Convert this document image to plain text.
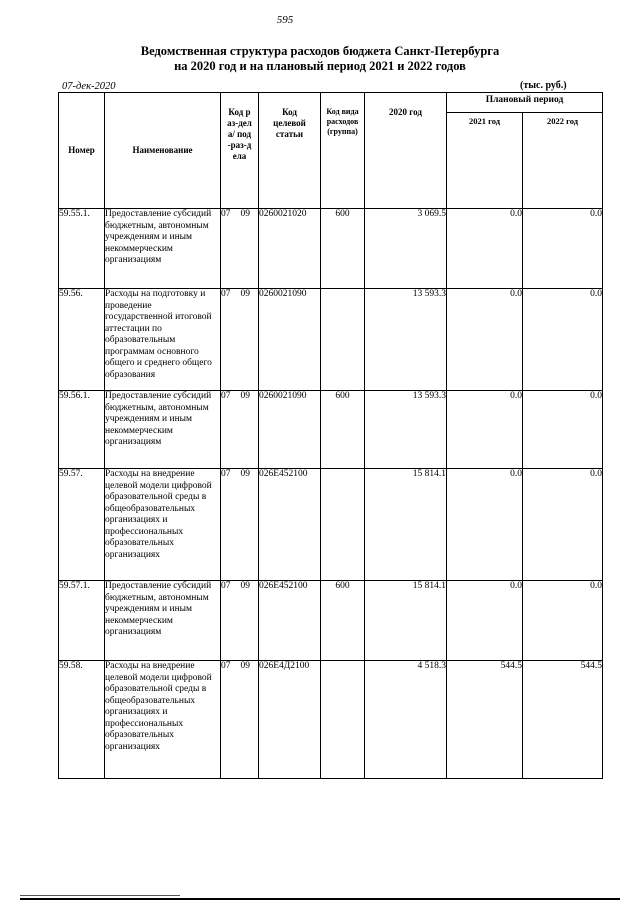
595
Ведомственная структура расходов бюджета Санкт-Петербурга
на 2020 год и на плановый период 2021 и 2022 годов
07-дек-2020	(тыс. руб.)
Номер	Наименование	Код раз-дела/ под-раз-дела	Код целевой статьи	Код вида расходов (группа)	2020 год	Плановый период	
						2021 год	2022 год
59.55.1.	Предоставление субсидий бюджетным, автономным учреждениям и иным некоммерческим организациям	07 09	0260021020	600	3 069.5	0.0	0.0
59.56.	Расходы на подготовку и проведение государственной итоговой аттестации по образовательным программам основного общего и среднего общего образования	07 09	0260021090		13 593.3	0.0	0.0
59.56.1.	Предоставление субсидий бюджетным, автономным учреждениям и иным некоммерческим организациям	07 09	0260021090	600	13 593.3	0.0	0.0
59.57.	Расходы на внедрение целевой модели цифровой образовательной среды в общеобразовательных организациях и профессиональных образовательных организациях	07 09	026Е452100		15 814.1	0.0	0.0
59.57.1.	Предоставление субсидий бюджетным, автономным учреждениям и иным некоммерческим организациям	07 09	026Е452100	600	15 814.1	0.0	0.0
59.58.	Расходы на внедрение целевой модели цифровой образовательной среды в общеобразовательных организациях и профессиональных образовательных организациях	07 09	026Е4Д2100		4 518.3	544.5	544.5
